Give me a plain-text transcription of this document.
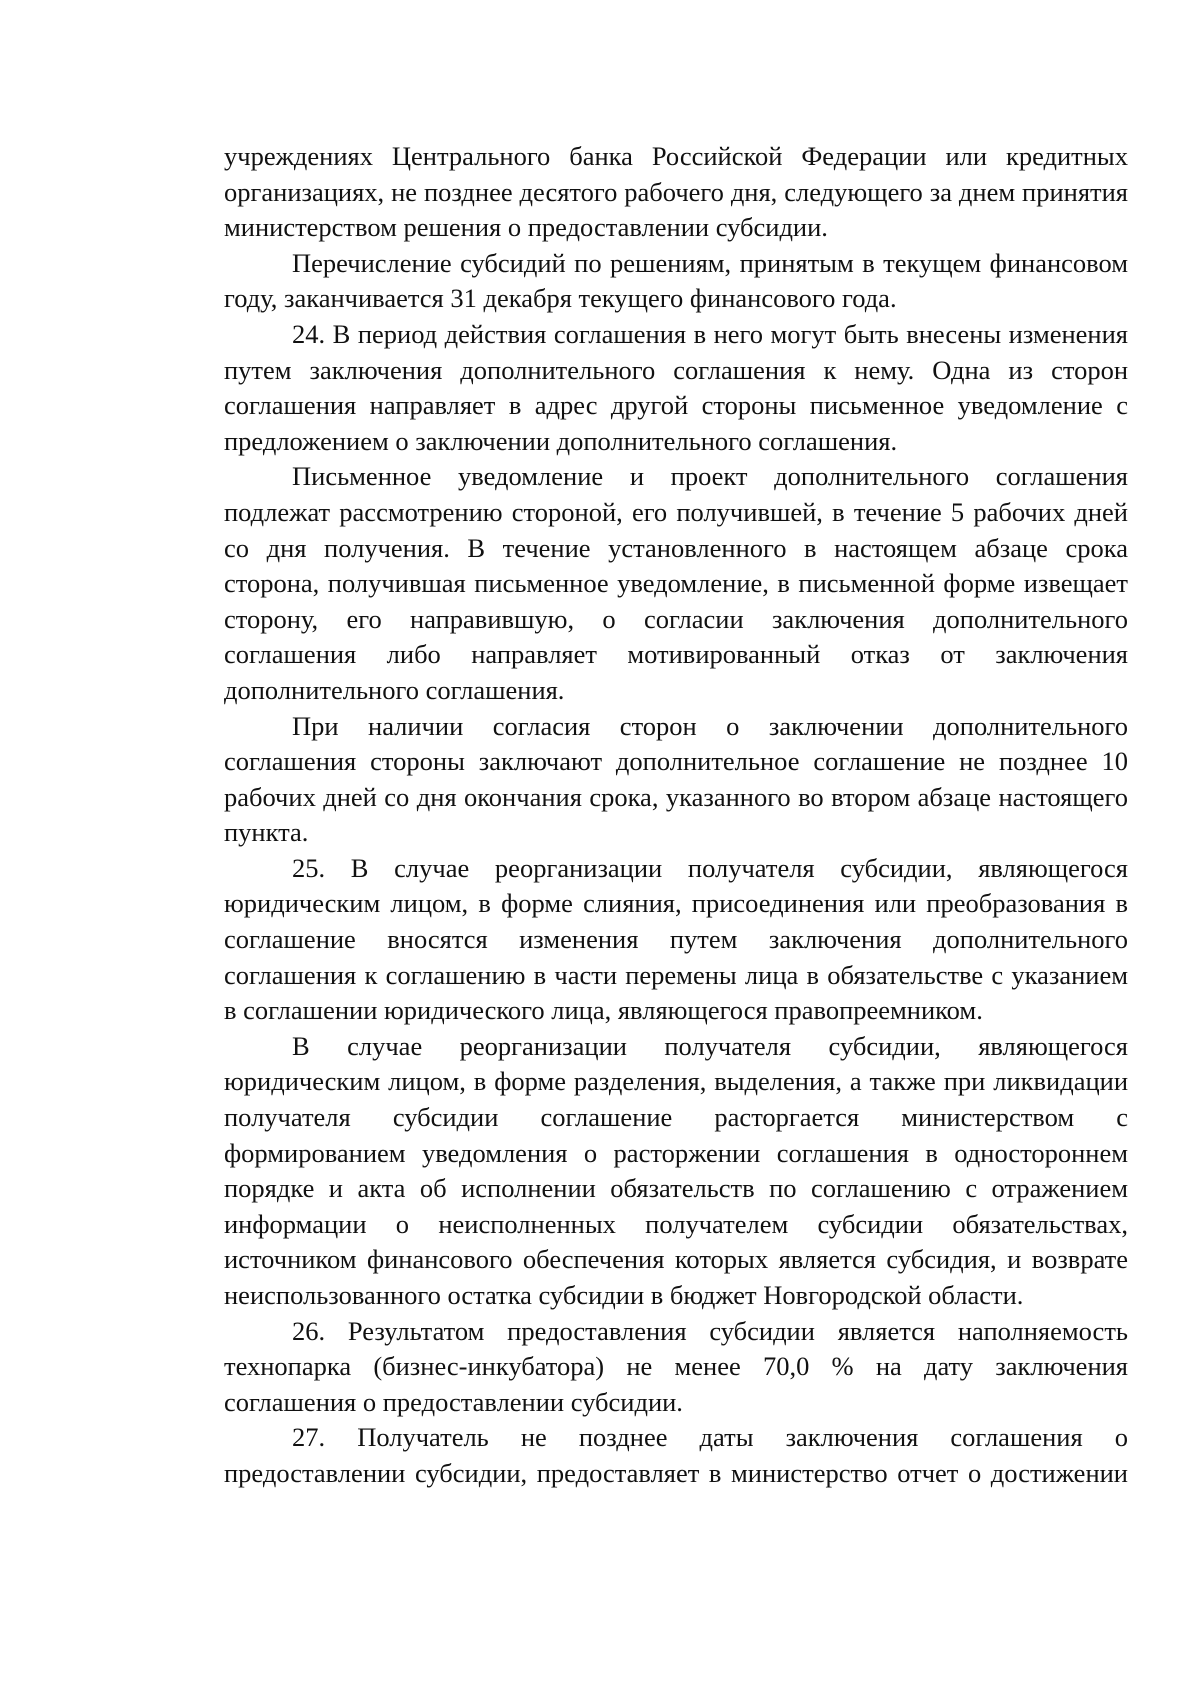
учреждениях Центрального банка Российской Федерации или кредитных организациях, не позднее десятого рабочего дня, следующего за днем принятия министерством решения о предоставлении субсидии.

Перечисление субсидий по решениям, принятым в текущем финансовом году, заканчивается 31 декабря текущего финансового года.

24. В период действия соглашения в него могут быть внесены изменения путем заключения дополнительного соглашения к нему. Одна из сторон соглашения направляет в адрес другой стороны письменное уведомление с предложением о заключении дополнительного соглашения.

Письменное уведомление и проект дополнительного соглашения подлежат рассмотрению стороной, его получившей, в течение 5 рабочих дней со дня получения. В течение установленного в настоящем абзаце срока сторона, получившая письменное уведомление, в письменной форме извещает сторону, его направившую, о согласии заключения дополнительного соглашения либо направляет мотивированный отказ от заключения дополнительного соглашения.

При наличии согласия сторон о заключении дополнительного соглашения стороны заключают дополнительное соглашение не позднее 10 рабочих дней со дня окончания срока, указанного во втором абзаце настоящего пункта.

25. В случае реорганизации получателя субсидии, являющегося юридическим лицом, в форме слияния, присоединения или преобразования в соглашение вносятся изменения путем заключения дополнительного соглашения к соглашению в части перемены лица в обязательстве с указанием в соглашении юридического лица, являющегося правопреемником.

В случае реорганизации получателя субсидии, являющегося юридическим лицом, в форме разделения, выделения, а также при ликвидации получателя субсидии соглашение расторгается министерством с формированием уведомления о расторжении соглашения в одностороннем порядке и акта об исполнении обязательств по соглашению с отражением информации о неисполненных получателем субсидии обязательствах, источником финансового обеспечения которых является субсидия, и возврате неиспользованного остатка субсидии в бюджет Новгородской области.

26. Результатом предоставления субсидии является наполняемость технопарка (бизнес-инкубатора) не менее 70,0 % на дату заключения соглашения о предоставлении субсидии.

27. Получатель не позднее даты заключения соглашения о предоставлении субсидии, предоставляет в министерство отчет о достижении
